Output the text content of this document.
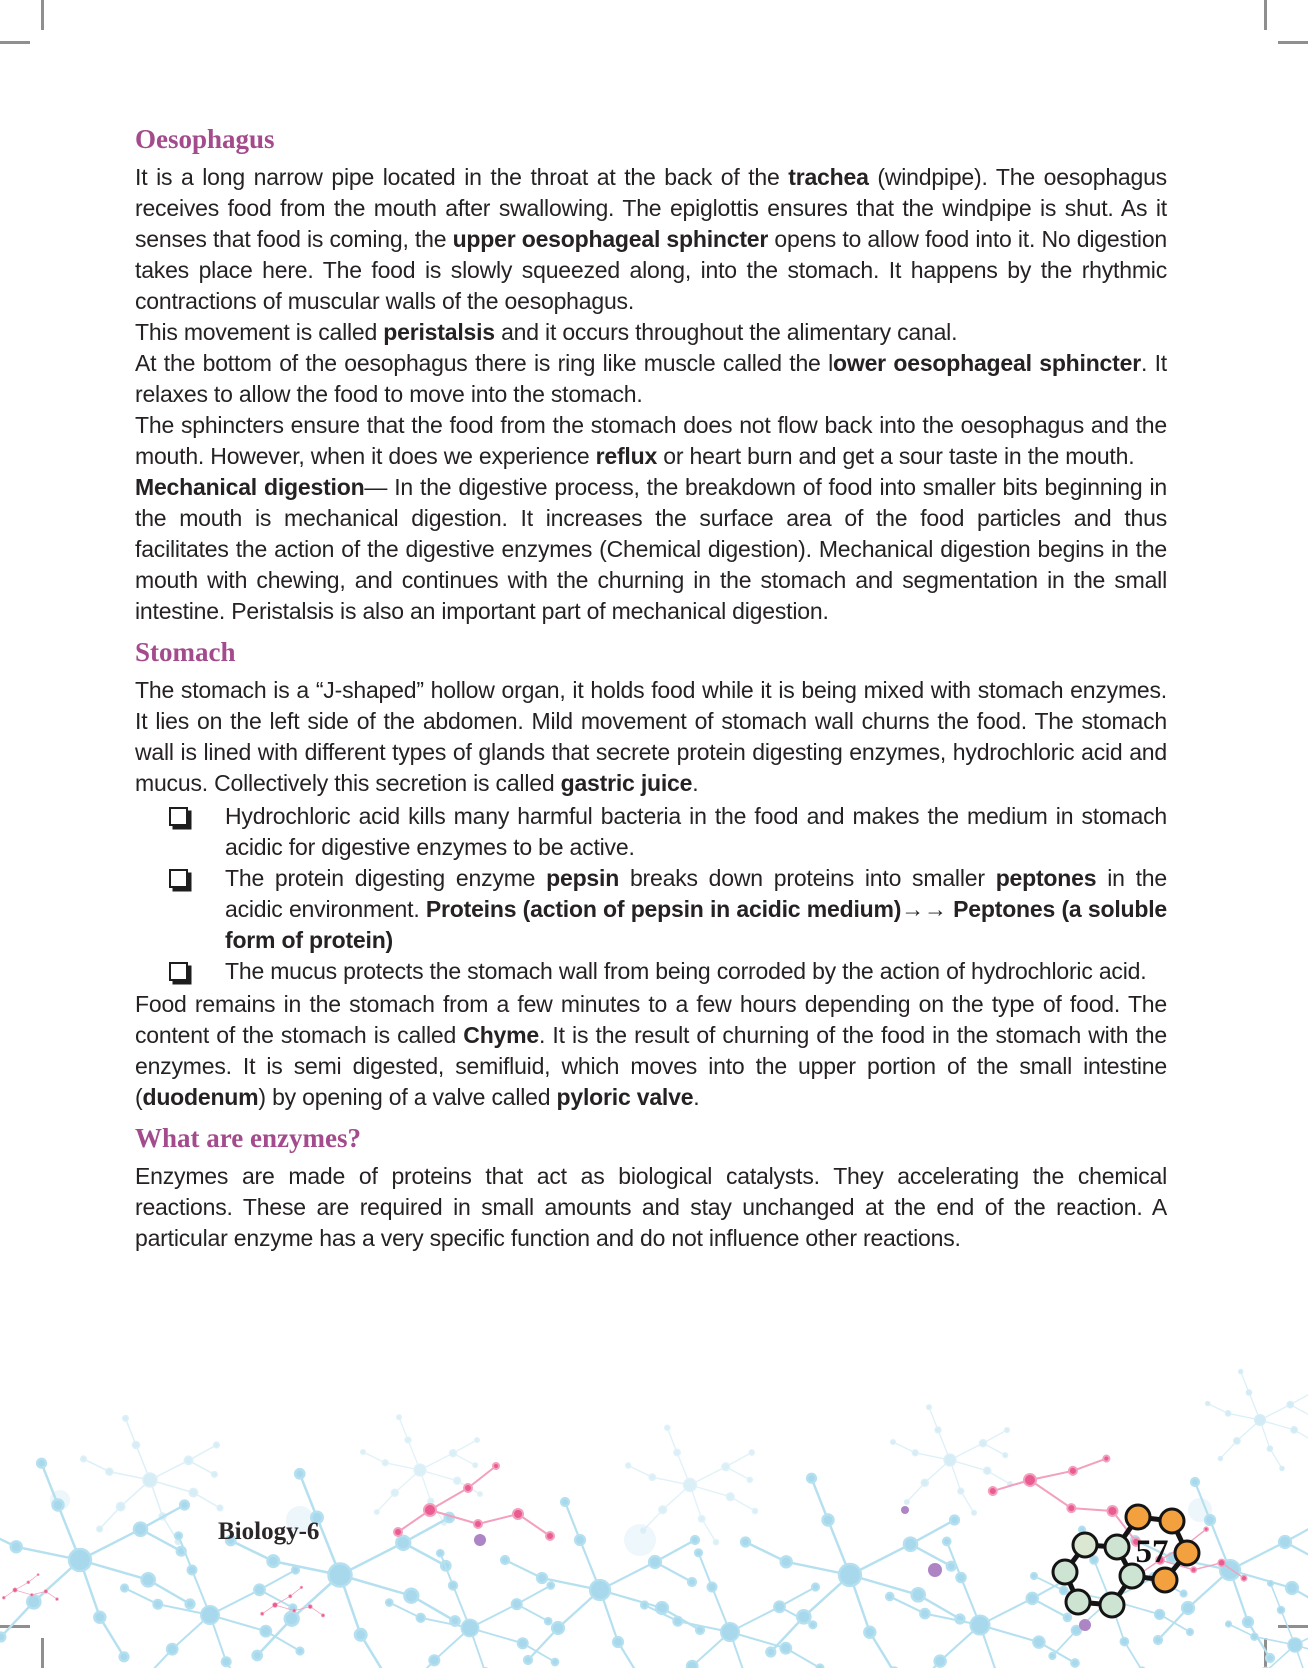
Oesophagus

It is a long narrow pipe located in the throat at the back of the trachea (windpipe). The oesophagus receives food from the mouth after swallowing. The epiglottis ensures that the windpipe is shut. As it senses that food is coming, the upper oesophageal sphincter opens to allow food into it. No digestion takes place here. The food is slowly squeezed along, into the stomach. It happens by the rhythmic contractions of muscular walls of the oesophagus.

This movement is called peristalsis and it occurs throughout the alimentary canal.

At the bottom of the oesophagus there is ring like muscle called the lower oesophageal sphincter. It relaxes to allow the food to move into the stomach.

The sphincters ensure that the food from the stomach does not flow back into the oesophagus and the mouth. However, when it does we experience reflux or heart burn and get a sour taste in the mouth.

Mechanical digestion— In the digestive process, the breakdown of food into smaller bits beginning in the mouth is mechanical digestion. It increases the surface area of the food particles and thus facilitates the action of the digestive enzymes (Chemical digestion). Mechanical digestion begins in the mouth with chewing, and continues with the churning in the stomach and segmentation in the small intestine. Peristalsis is also an important part of mechanical digestion.

Stomach

The stomach is a “J-shaped” hollow organ, it holds food while it is being mixed with stomach enzymes. It lies on the left side of the abdomen. Mild movement of stomach wall churns the food. The stomach wall is lined with different types of glands that secrete protein digesting enzymes, hydrochloric acid and mucus. Collectively this secretion is called gastric juice.

Hydrochloric acid kills many harmful bacteria in the food and makes the medium in stomach acidic for digestive enzymes to be active.
The protein digesting enzyme pepsin breaks down proteins into smaller peptones in the acidic environment. Proteins (action of pepsin in acidic medium)→→ Peptones (a soluble form of protein)
The mucus protects the stomach wall from being corroded by the action of hydrochloric acid.

Food remains in the stomach from a few minutes to a few hours depending on the type of food. The content of the stomach is called Chyme. It is the result of churning of the food in the stomach with the enzymes. It is semi digested, semifluid, which moves into the upper portion of the small intestine (duodenum) by opening of a valve called pyloric valve.

What are enzymes?

Enzymes are made of proteins that act as biological catalysts. They accelerating the chemical reactions. These are required in small amounts and stay unchanged at the end of the reaction. A particular enzyme has a very specific function and do not influence other reactions.

Biology-6
57
